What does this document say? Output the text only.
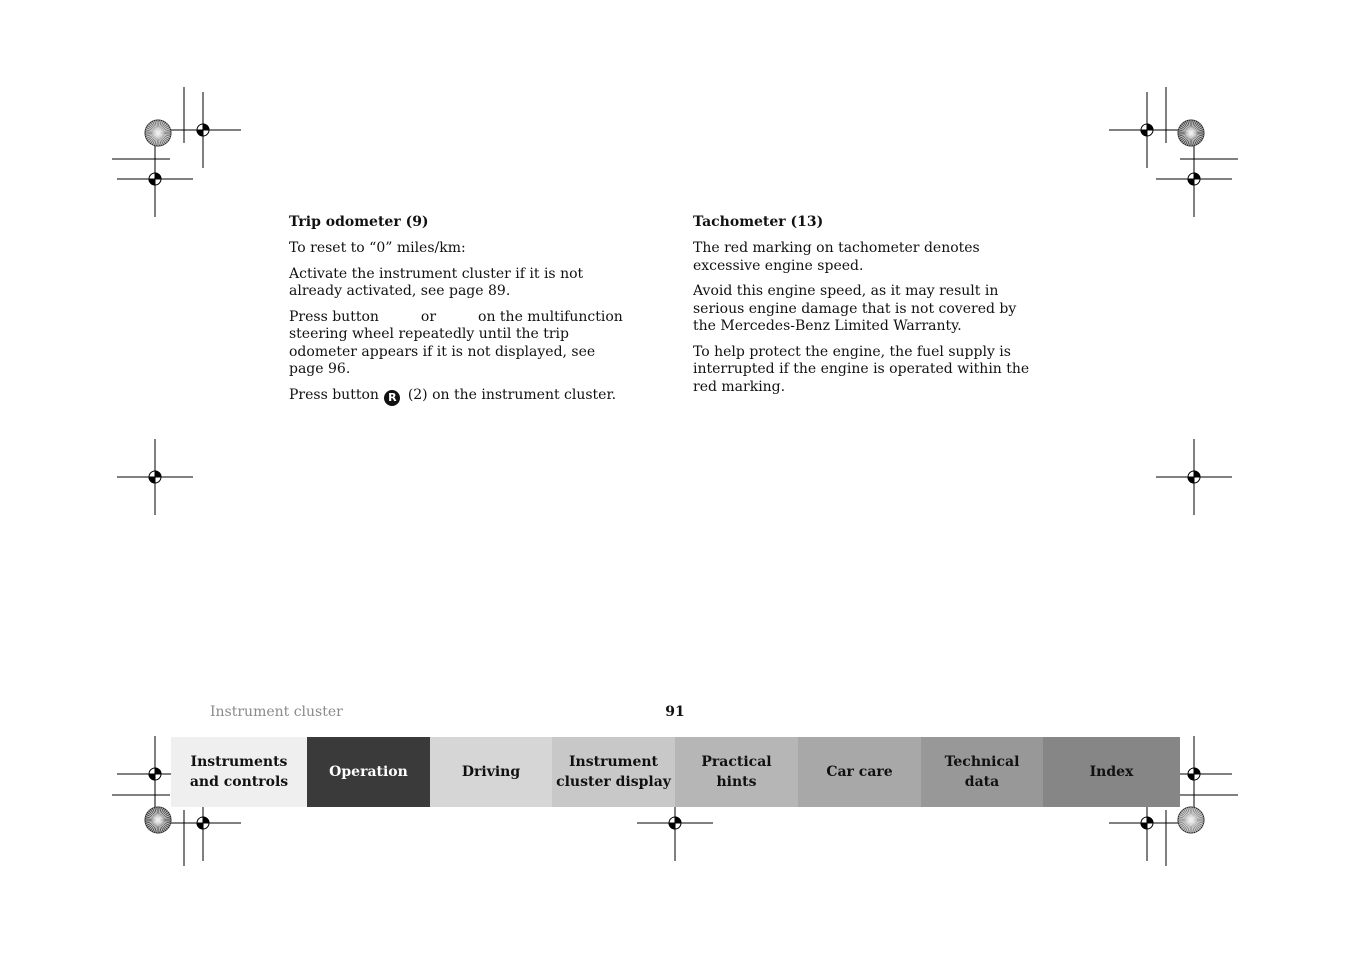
Trip odometer (9)

To reset to “0” miles/km:

Activate the instrument cluster if it is not already activated, see page 89.

Press button	or	on the multifunction steering wheel repeatedly until the trip odometer appears if it is not displayed, see page 96.

Press button R (2) on the instrument cluster.

Tachometer (13)

The red marking on tachometer denotes excessive engine speed.

Avoid this engine speed, as it may result in serious engine damage that is not covered by the Mercedes-Benz Limited Warranty.

To help protect the engine, the fuel supply is interrupted if the engine is operated within the red marking.

Instrument cluster	91
Instruments and controls
Operation	Driving
Instrument cluster display
Practical hints
Car care
Technical data
Index
